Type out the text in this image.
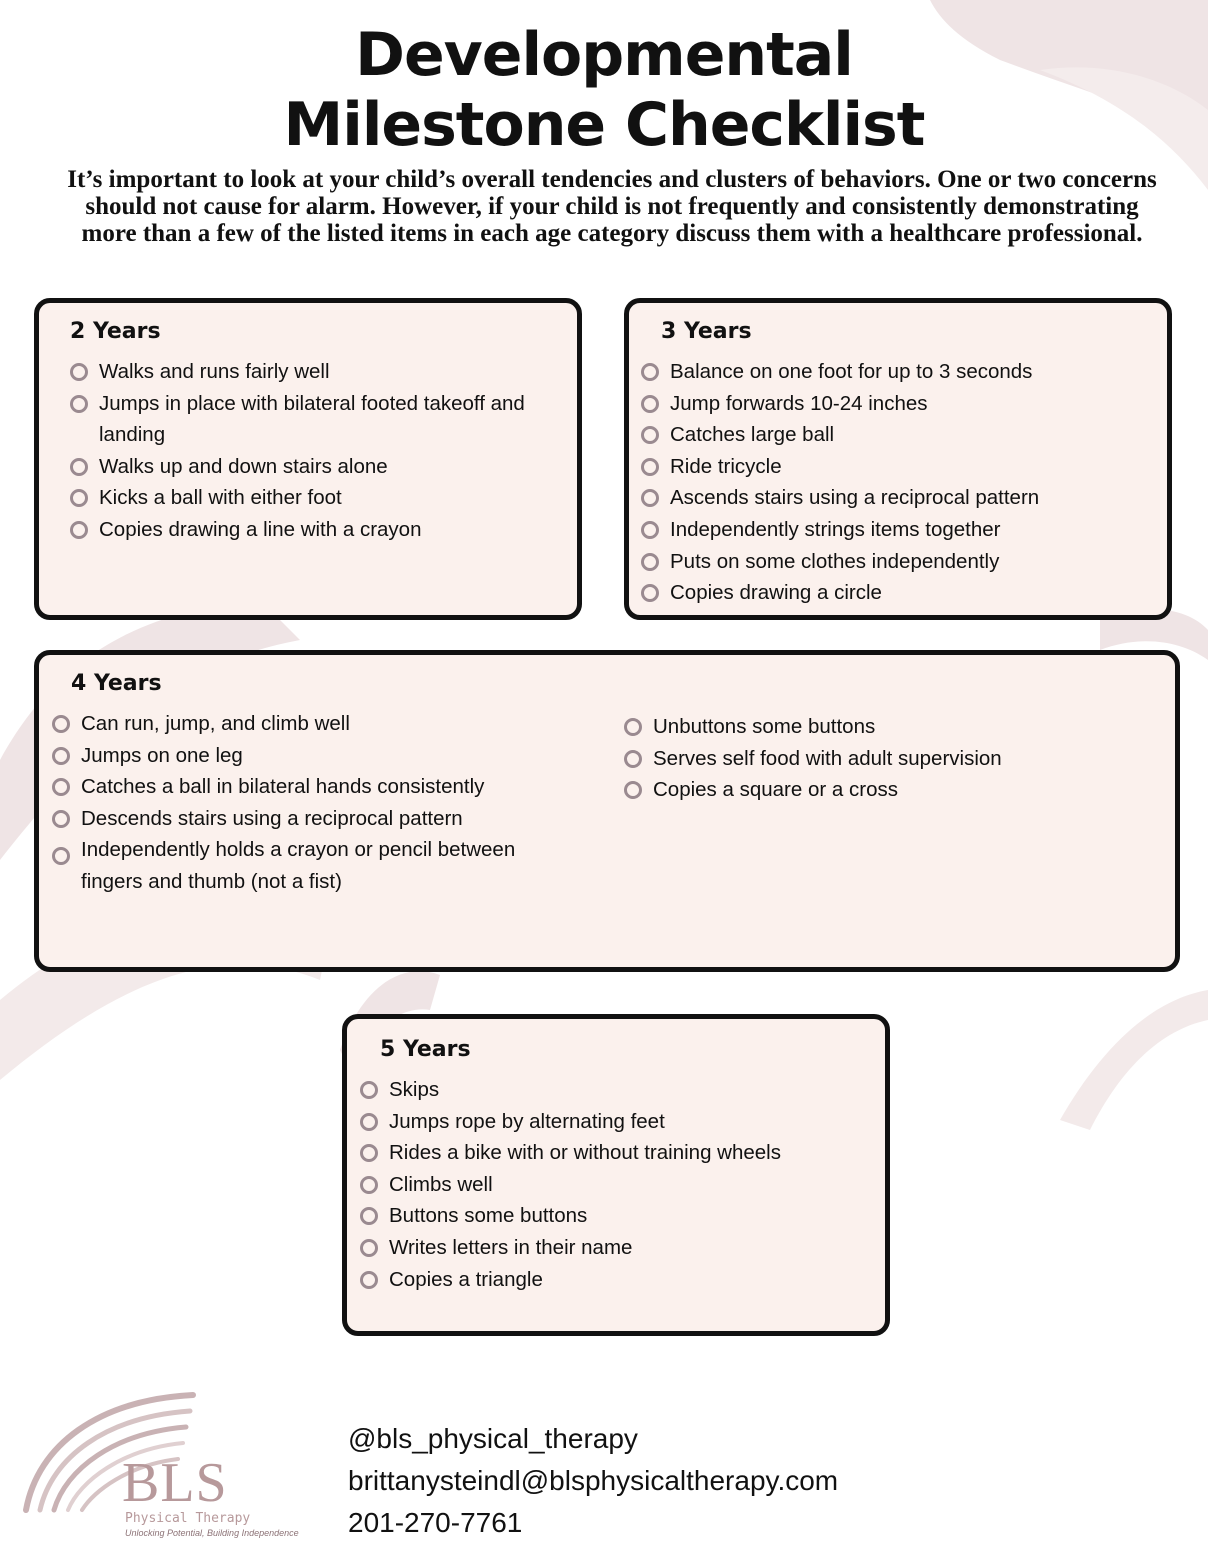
Developmental
Milestone Checklist
It’s important to look at your child’s overall tendencies and clusters of behaviors. One or two concerns should not cause for alarm. However, if your child is not frequently and consistently demonstrating more than a few of the listed items in each age category discuss them with a healthcare professional.
2 Years
Walks and runs fairly well
Jumps in place with bilateral footed takeoff and landing
Walks up and down stairs alone
Kicks a ball with either foot
Copies drawing a line with a crayon
3 Years
Balance on one foot for up to 3 seconds
Jump forwards 10-24 inches
Catches large ball
Ride tricycle
Ascends stairs using a reciprocal pattern
Independently strings items together
Puts on some clothes independently
Copies drawing a circle
4 Years
Can run, jump, and climb well
Jumps on one leg
Catches a ball in bilateral hands consistently
Descends stairs using a reciprocal pattern
Independently holds a crayon or pencil between fingers and thumb (not a fist)
Unbuttons some buttons
Serves self food with adult supervision
Copies a square or a cross
5 Years
Skips
Jumps rope by alternating feet
Rides a bike with or without training wheels
Climbs well
Buttons some buttons
Writes letters in their name
Copies a triangle
BLS
Physical Therapy
Unlocking Potential, Building Independence
@bls_physical_therapy
brittanysteindl@blsphysicaltherapy.com
201-270-7761
